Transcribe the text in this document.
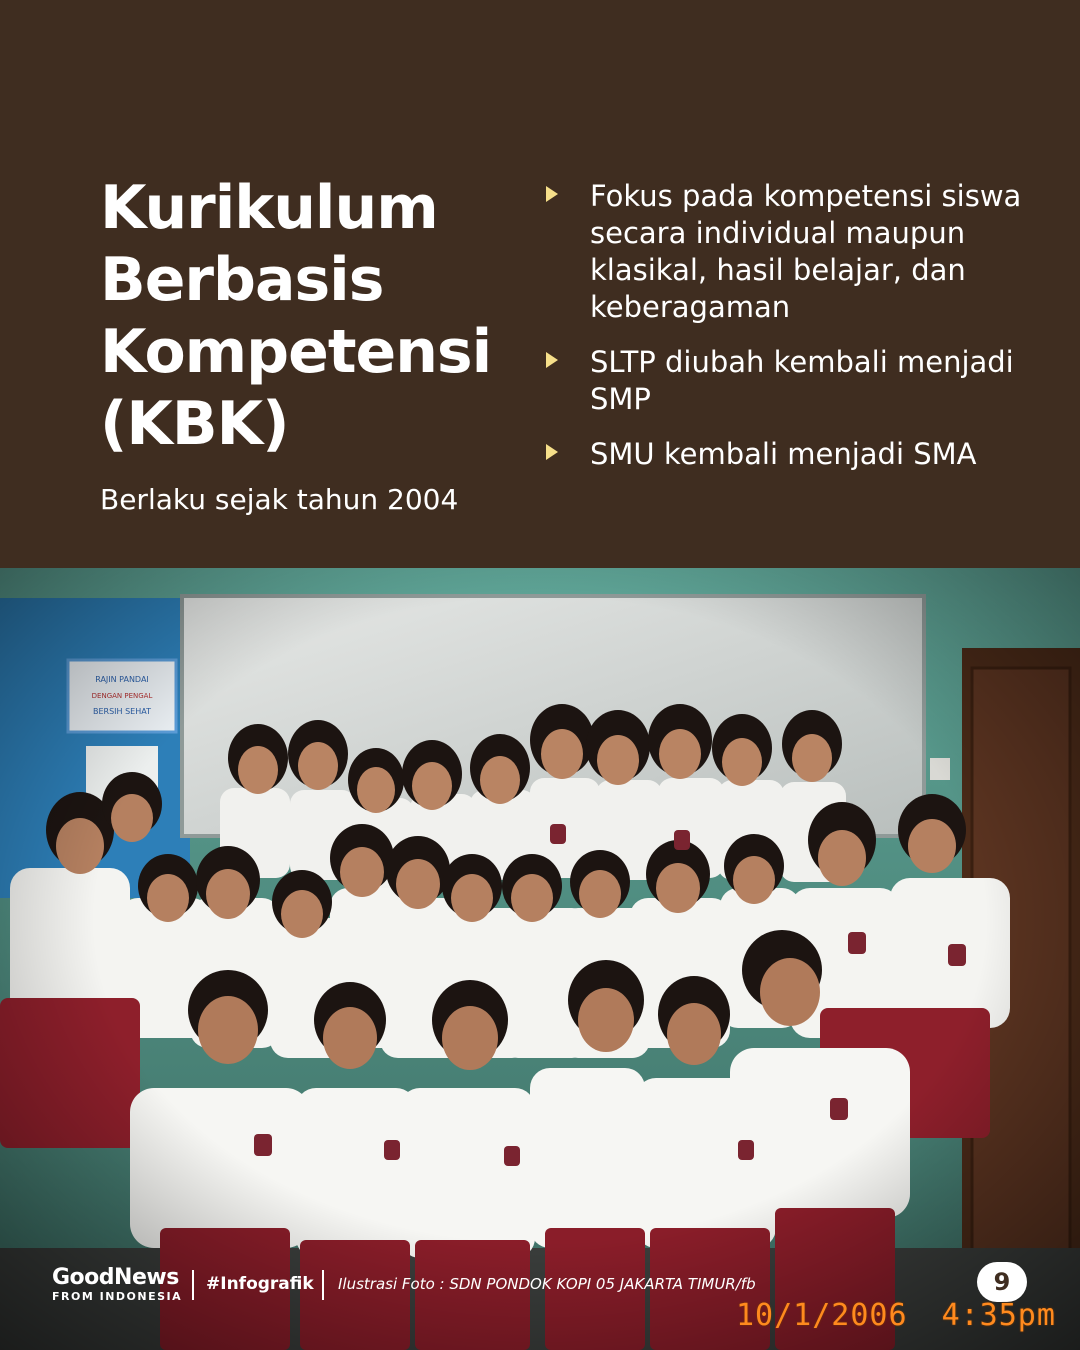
Kurikulum
Berbasis
Kompetensi
(KBK)
Berlaku sejak tahun 2004
Fokus pada kompetensi siswa secara individual maupun klasikal, hasil belajar, dan keberagaman
SLTP diubah kembali menjadi SMP
SMU kembali menjadi SMA
GoodNews
FROM INDONESIA
#Infografik Ilustrasi Foto : SDN PONDOK KOPI 05 JAKARTA TIMUR/fb	9
10/1/2006 4:35pm
